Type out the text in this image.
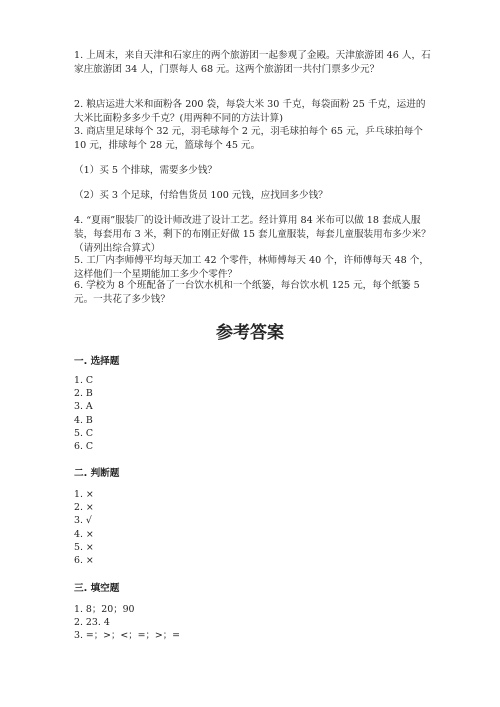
1. 上周末，来自天津和石家庄的两个旅游团一起参观了金殿。天津旅游团 46 人，石家庄旅游团 34 人，门票每人 68 元。这两个旅游团一共付门票多少元？

2. 粮店运进大米和面粉各 200 袋，每袋大米 30 千克，每袋面粉 25 千克，运进的大米比面粉多多少千克？(用两种不同的方法计算)

3. 商店里足球每个 32 元，羽毛球每个 2 元，羽毛球拍每个 65 元，乒乓球拍每个 10 元，排球每个 28 元，篮球每个 45 元。

（1）买 5 个排球，需要多少钱？

（2）买 3 个足球，付给售货员 100 元钱，应找回多少钱？

4. “夏雨”服装厂的设计师改进了设计工艺。经计算用 84 米布可以做 18 套成人服装，每套用布 3 米，剩下的布刚正好做 15 套儿童服装，每套儿童服装用布多少米？（请列出综合算式）

5. 工厂内李师傅平均每天加工 42 个零件，林师傅每天 40 个，许师傅每天 48 个，这样他们一个星期能加工多少个零件？

6. 学校为 8 个班配备了一台饮水机和一个纸篓，每台饮水机 125 元，每个纸篓 5 元。一共花了多少钱？

参考答案
一. 选择题
1. C
2. B
3. A
4. B
5. C
6. C
二. 判断题
1. ×
2. ×
3. √
4. ×
5. ×
6. ×
三. 填空题
1. 8；20；90
2. 23. 4
3. =；>；<；=；>；=
